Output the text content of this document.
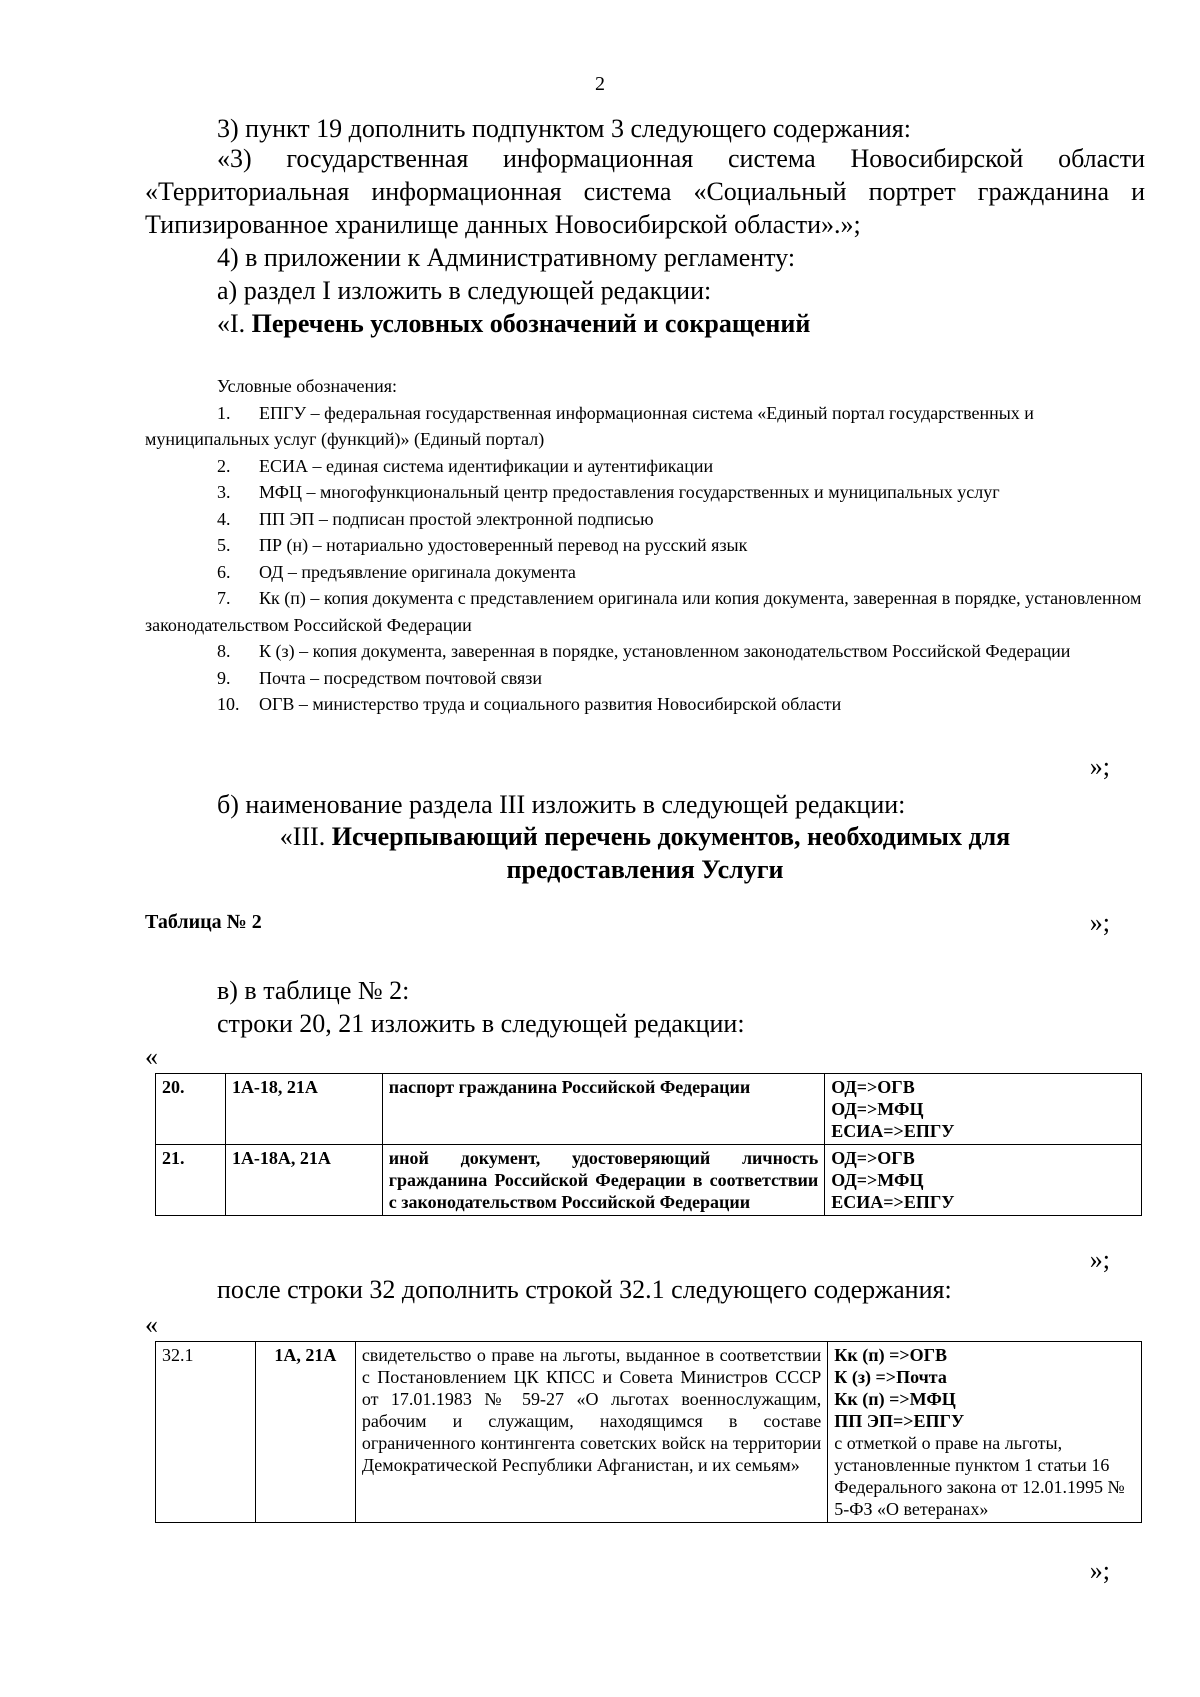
2
3) пункт 19 дополнить подпунктом 3 следующего содержания:
«3) государственная информационная система Новосибирской области «Территориальная информационная система «Социальный портрет гражданина и Типизированное хранилище данных Новосибирской области».»;
4) в приложении к Административному регламенту:
а) раздел I изложить в следующей редакции:
«I. Перечень условных обозначений и сокращений
Условные обозначения:
1. ЕПГУ – федеральная государственная информационная система «Единый портал государственных и муниципальных услуг (функций)» (Единый портал)
2.	ЕСИА – единая система идентификации и аутентификации
3.	МФЦ – многофункциональный центр предоставления государственных и муниципальных услуг
4.	ПП ЭП – подписан простой электронной подписью
5.	ПР (н) – нотариально удостоверенный перевод на русский язык
6.	ОД – предъявление оригинала документа
7. Кк (п) – копия документа с представлением оригинала или копия документа, заверенная в порядке, установленном законодательством Российской Федерации
8. К (з) – копия документа, заверенная в порядке, установленном законодательством Российской Федерации
9.	Почта – посредством почтовой связи
10.	ОГВ – министерство труда и социального развития Новосибирской области
»;
б) наименование раздела III изложить в следующей редакции:
«III. Исчерпывающий перечень документов, необходимых для
предоставления Услуги
Таблица № 2	»;
в) в таблице № 2:
строки 20, 21 изложить в следующей редакции:
«
20.	1А-18, 21А	паспорт гражданина Российской Федерации	ОД=>ОГВ
ОД=>МФЦ
ЕСИА=>ЕПГУ

21.	1А-18А, 21А	иной документ, удостоверяющий личность гражданина Российской Федерации в соответствии с законодательством Российской Федерации	ОД=>ОГВ
ОД=>МФЦ
ЕСИА=>ЕПГУ
»;
после строки 32 дополнить строкой 32.1 следующего содержания:
«
32.1	1А, 21А	свидетельство о праве на льготы, выданное в соответствии с Постановлением ЦК КПСС и Совета Министров СССР от 17.01.1983 № 59-27 «О льготах военнослужащим, рабочим и служащим, находящимся в составе ограниченного контингента советских войск на территории Демократической Республики Афганистан, и их семьям»	
Кк (п) =>ОГВ
К (з) =>Почта
Кк (п) =>МФЦ
ПП ЭП=>ЕПГУ
с отметкой о праве на льготы, установленные пунктом 1 статьи 16 Федерального закона от 12.01.1995 № 5-ФЗ «О ветеранах»
»;
